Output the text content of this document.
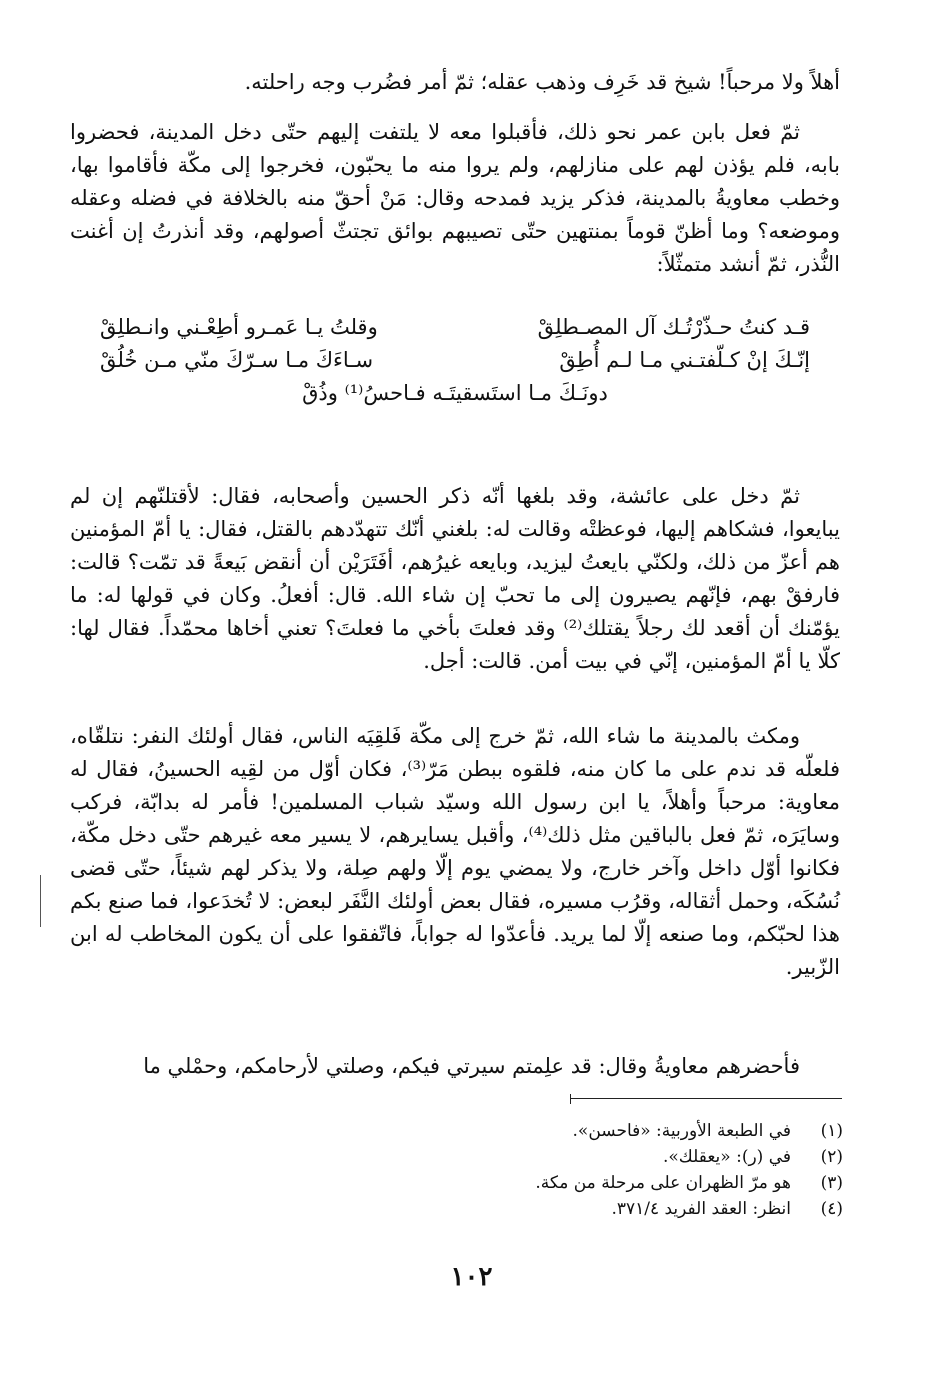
أهلاً ولا مرحباً! شيخ قد خَرِف وذهب عقله؛ ثمّ أمر فضُرب وجه راحلته.

ثمّ فعل بابن عمر نحو ذلك، فأقبلوا معه لا يلتفت إليهم حتّى دخل المدينة، فحضروا بابه، فلم يؤذن لهم على منازلهم، ولم يروا منه ما يحبّون، فخرجوا إلى مكّة فأقاموا بها، وخطب معاويةُ بالمدينة، فذكر يزيد فمدحه وقال: مَنْ أحقّ منه بالخلافة في فضله وعقله وموضعه؟ وما أظنّ قوماً بمنتهين حتّى تصيبهم بوائق تجتثّ أصولهم، وقد أنذرتُ إن أغنت النُّذر، ثمّ أنشد متمثّلاً:

قـد كنتُ حـذّرْتُـك آل المصـطلِقْ
وقلتُ يـا عَمـرو أطِعْـني وانـطلِقْ
إنّـكَ إنْ كـلّفتـني مـا لـم أُطِقْ
سـاءَكَ مـا سـرّكَ منّي مـن خُلُقْ
دونَـكَ مـا استَسقيتَـه فـاحسُ⁽¹⁾ وذُقْ

ثمّ دخل على عائشة، وقد بلغها أنّه ذكر الحسين وأصحابه، فقال: لأقتلنّهم إن لم يبايعوا، فشكاهم إليها، فوعظتْه وقالت له: بلغني أنّك تتهدّدهم بالقتل، فقال: يا أمّ المؤمنين هم أعزّ من ذلك، ولكنّي بايعتُ ليزيد، وبايعه غيرُهم، أفَتَرَيْن أن أنقض بَيعةً قد تمّت؟ قالت: فارفقْ بهم، فإنّهم يصيرون إلى ما تحبّ إن شاء الله. قال: أفعلُ. وكان في قولها له: ما يؤمّنك أن أقعد لك رجلاً يقتلك⁽²⁾ وقد فعلتَ بأخي ما فعلتَ؟ تعني أخاها محمّداً. فقال لها: كلّا يا أمّ المؤمنين، إنّي في بيت أمن. قالت: أجل.

ومكث بالمدينة ما شاء الله، ثمّ خرج إلى مكّة فَلقِيَه الناس، فقال أولئك النفر: نتلقّاه، فلعلّه قد ندم على ما كان منه، فلقوه ببطن مَرّ⁽³⁾، فكان أوّل من لقِيه الحسينُ، فقال له معاوية: مرحباً وأهلاً، يا ابن رسول الله وسيّد شباب المسلمين! فأمر له بدابّة، فركب وسايَرَه، ثمّ فعل بالباقين مثل ذلك⁽⁴⁾، وأقبل يسايرهم، لا يسير معه غيرهم حتّى دخل مكّة، فكانوا أوّل داخل وآخر خارج، ولا يمضي يوم إلّا ولهم صِلة، ولا يذكر لهم شيئاً، حتّى قضى نُسُكَه، وحمل أثقاله، وقرُب مسيره، فقال بعض أولئك النَّفَر لبعض: لا تُخدَعوا، فما صنع بكم هذا لحبّكم، وما صنعه إلّا لما يريد. فأعدّوا له جواباً، فاتّفقوا على أن يكون المخاطب له ابن الزّبير.

فأحضرهم معاويةُ وقال: قد علِمتم سيرتي فيكم، وصلتي لأرحامكم، وحمْلي ما

(١)
في الطبعة الأوربية: «فاحسن».
(٢)
في (ر): «يعقلك».
(٣)
هو مرّ الظهران على مرحلة من مكة.
(٤)
انظر: العقد الفريد ٣٧١/٤.
١٠٢
